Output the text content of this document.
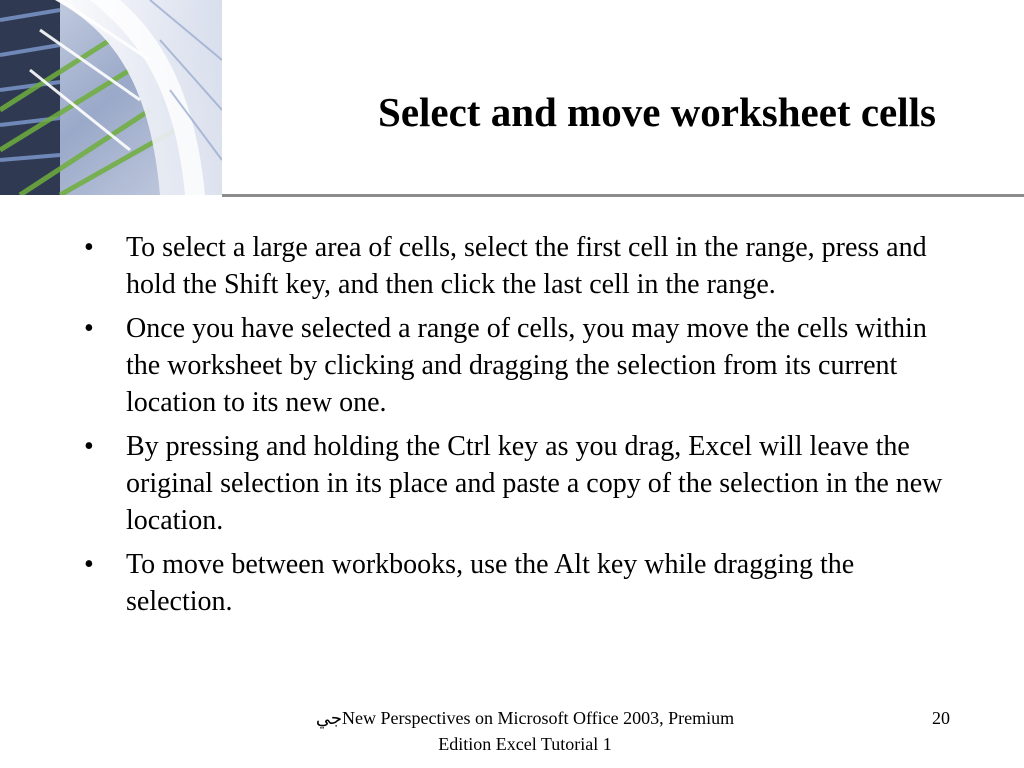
Select and move worksheet cells
• To select a large area of cells, select the first cell in the range, press and hold the Shift key, and then click the last cell in the range.
• Once you have selected a range of cells, you may move the cells within the worksheet by clicking and dragging the selection from its current location to its new one.
• By pressing and holding the Ctrl key as you drag, Excel will leave the original selection in its place and paste a copy of the selection in the new location.
• To move between workbooks, use the Alt key while dragging the selection.
جيNew Perspectives on Microsoft Office 2003, Premium
Edition Excel Tutorial 1
20
